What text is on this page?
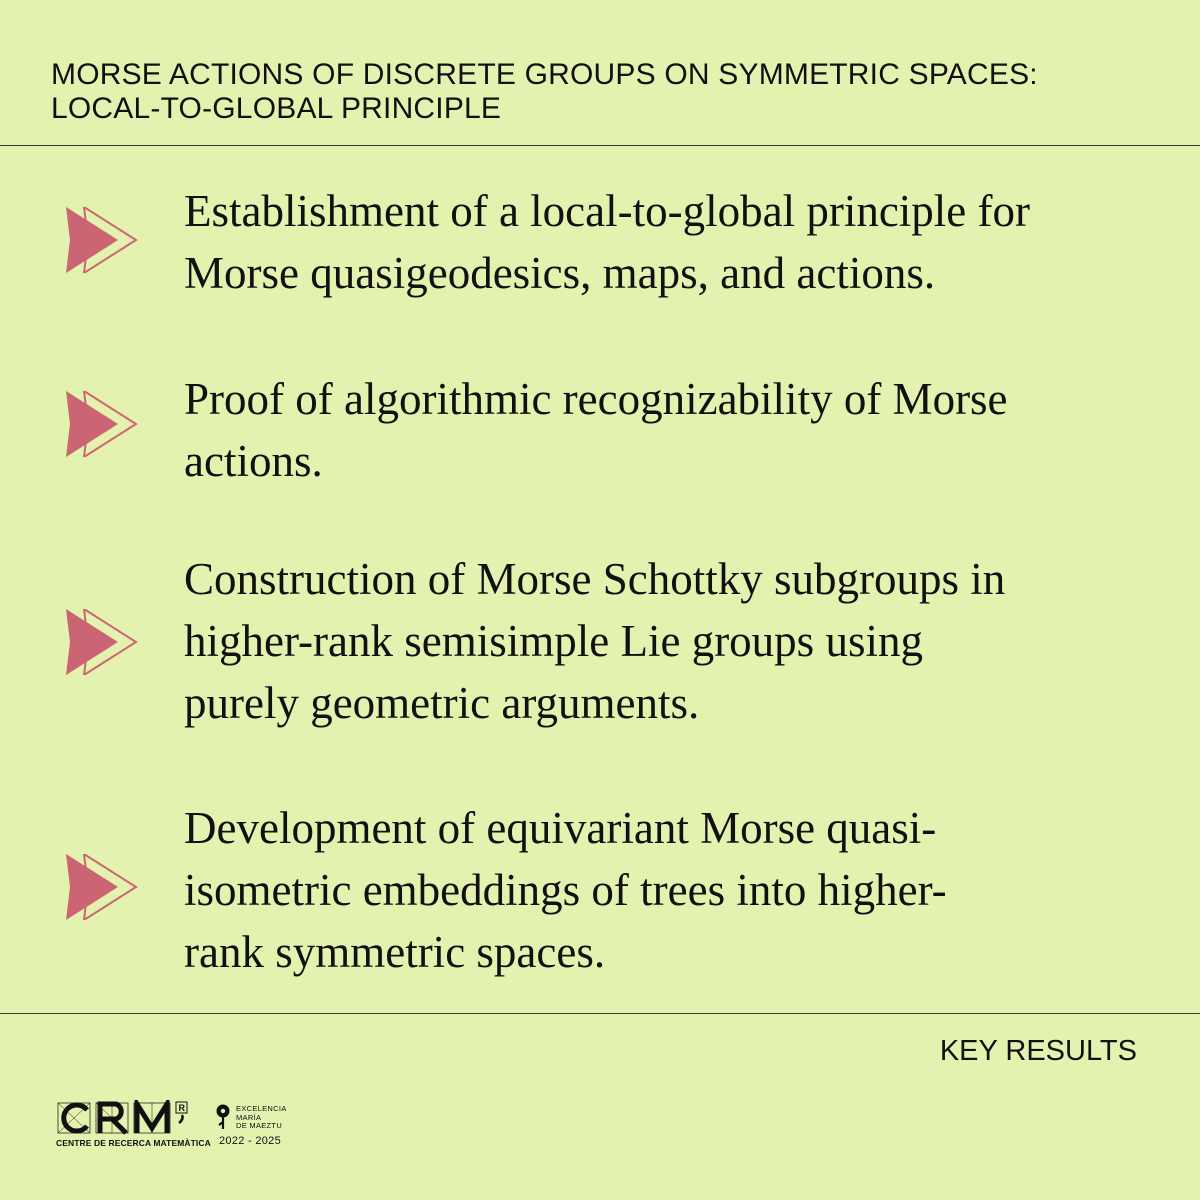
MORSE ACTIONS OF DISCRETE GROUPS ON SYMMETRIC SPACES:
LOCAL-TO-GLOBAL PRINCIPLE

Establishment of a local-to-global principle for
Morse quasigeodesics, maps, and actions.

Proof of algorithmic recognizability of Morse
actions.

Construction of Morse Schottky subgroups in
higher-rank semisimple Lie groups using
purely geometric arguments.

Development of equivariant Morse quasi-
isometric embeddings of trees into higher-
rank symmetric spaces.

KEY RESULTS
R
CENTRE DE RECERCA MATEMÀTICA
EXCELENCIA
MARÍA
DE MAEZTU
2022 - 2025
